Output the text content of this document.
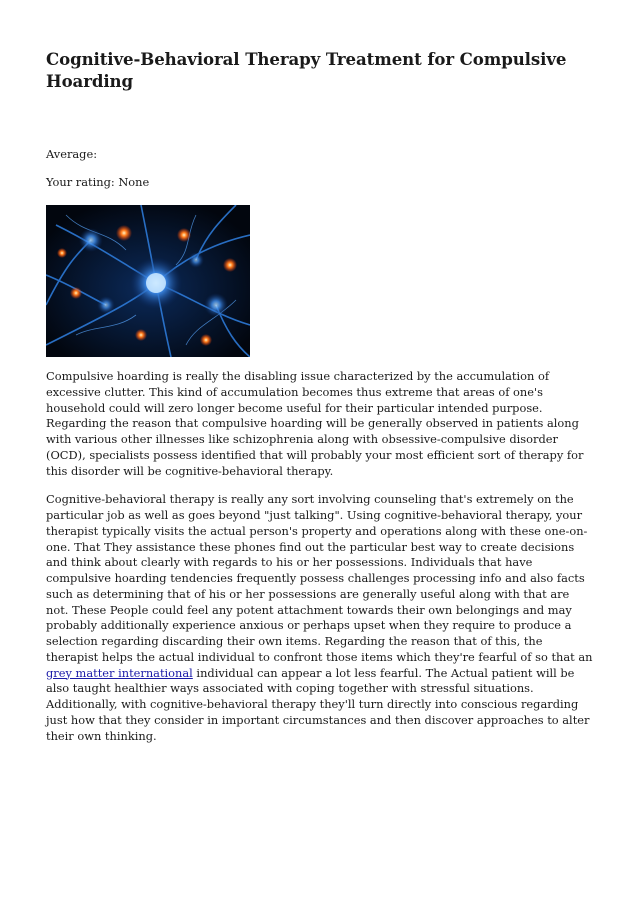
Cognitive-Behavioral Therapy Treatment for Compulsive Hoarding

Average:

Your rating: None

Compulsive hoarding is really the disabling issue characterized by the accumulation of excessive clutter. This kind of accumulation becomes thus extreme that areas of one's household could will zero longer become useful for their particular intended purpose. Regarding the reason that compulsive hoarding will be generally observed in patients along with various other illnesses like schizophrenia along with obsessive-compulsive disorder (OCD), specialists possess identified that will probably your most efficient sort of therapy for this disorder will be cognitive-behavioral therapy.

Cognitive-behavioral therapy is really any sort involving counseling that's extremely on the particular job as well as goes beyond "just talking". Using cognitive-behavioral therapy, your therapist typically visits the actual person's property and operations along with these one-on-one. That They assistance these phones find out the particular best way to create decisions and think about clearly with regards to his or her possessions. Individuals that have compulsive hoarding tendencies frequently possess challenges processing info and also facts such as determining that of his or her possessions are generally useful along with that are not. These People could feel any potent attachment towards their own belongings and may probably additionally experience anxious or perhaps upset when they require to produce a selection regarding discarding their own items. Regarding the reason that of this, the therapist helps the actual individual to confront those items which they're fearful of so that an grey matter international individual can appear a lot less fearful. The Actual patient will be also taught healthier ways associated with coping together with stressful situations. Additionally, with cognitive-behavioral therapy they'll turn directly into conscious regarding just how that they consider in important circumstances and then discover approaches to alter their own thinking.
